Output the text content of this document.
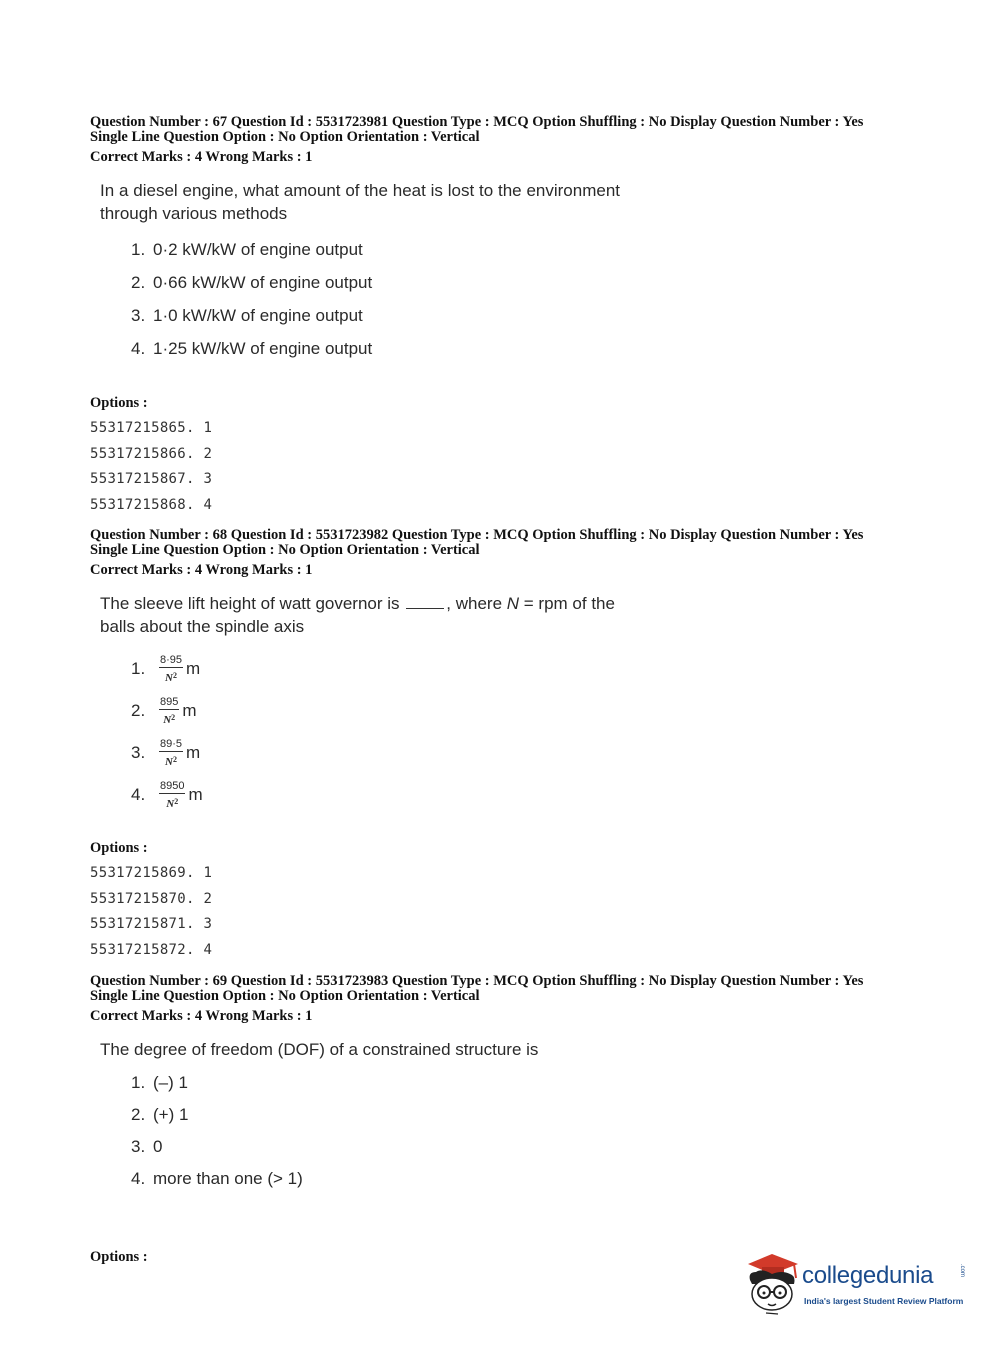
Question Number : 67 Question Id : 5531723981 Question Type : MCQ Option Shuffling : No Display Question Number : Yes
Single Line Question Option : No Option Orientation : Vertical
Correct Marks : 4 Wrong Marks : 1
In a diesel engine, what amount of the heat is lost to the environment through various methods
1. 0·2 kW/kW of engine output
2. 0·66 kW/kW of engine output
3. 1·0 kW/kW of engine output
4. 1·25 kW/kW of engine output
Options :
55317215865. 1
55317215866. 2
55317215867. 3
55317215868. 4
Question Number : 68 Question Id : 5531723982 Question Type : MCQ Option Shuffling : No Display Question Number : Yes
Single Line Question Option : No Option Orientation : Vertical
Correct Marks : 4 Wrong Marks : 1
The sleeve lift height of watt governor is	, where N = rpm of the balls about the spindle axis
1.	$\frac{8\cdot 95}{N^2}$ m
2.	$\frac{895}{N^2}$ m
3.	$\frac{89\cdot 5}{N^2}$ m
4.	$\frac{8950}{N^2}$ m
Options :
55317215869. 1
55317215870. 2
55317215871. 3
55317215872. 4
Question Number : 69 Question Id : 5531723983 Question Type : MCQ Option Shuffling : No Display Question Number : Yes
Single Line Question Option : No Option Orientation : Vertical
Correct Marks : 4 Wrong Marks : 1
The degree of freedom (DOF) of a constrained structure is
1. (–) 1
2. (+) 1
3. 0
4. more than one (> 1)
Options :
collegedunia	.com
India's largest Student Review Platform
